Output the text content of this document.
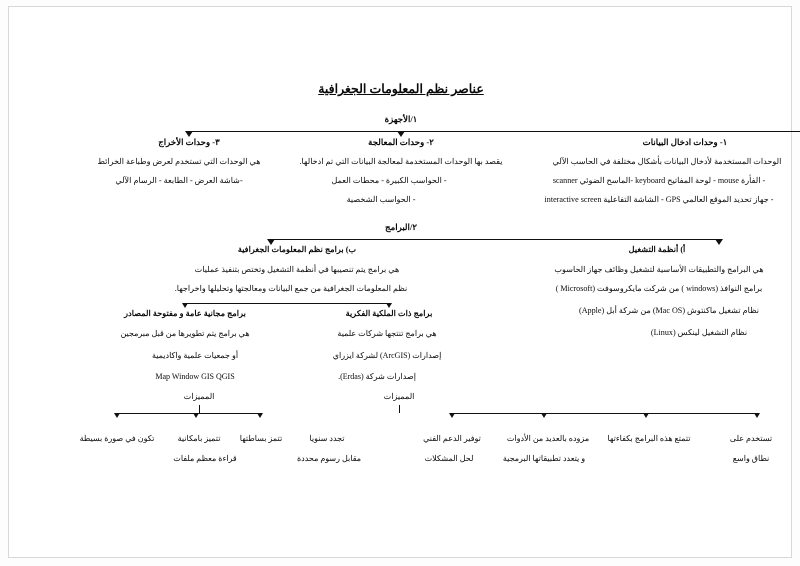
عناصر نظم المعلومات الجغرافية
١/الأجهزة
١- وحدات ادخال البيانات
الوحدات المستخدمة لأدخال البيانات بأشكال مختلفة في الحاسب الآلي
- الفأرة mouse - لوحة المفاتيح keyboard -الماسح الضوئي scanner
- جهاز تحديد الموقع العالمي GPS - الشاشة التفاعلية interactive screen
٢- وحدات المعالجة
يقصد بها الوحدات المستخدمة لمعالجة البيانات التي تم ادخالها.
- الحواسب الكبيرة - محطات العمل
- الحواسب الشخصية
٣- وحدات الأخراج
هي الوحدات التي تستخدم لعرض وطباعة الخرائط
-شاشة العرض - الطابعة - الرسام الآلي
٢/البرامج
أ) أنظمة التشغيل
هي البرامج والتطبيقات الأساسية لتشغيل وظائف جهاز الحاسوب
برامج النوافذ (windows ) من شركت مايكروسوفت (Microsoft )
نظام تشغيل ماكنتوش (Mac OS) من شركة أبل (Apple)
نظام التشغيل لينكس (Linux)
ب) برامج نظم المعلومات الجغرافية
هي برامج يتم تنصيبها في أنظمة التشغيل وتختص بتنفيذ عمليات
نظم المعلومات الجغرافية من جمع البيانات ومعالجتها وتحليلها واخراجها.
برامج ذات الملكية الفكرية
هي برامج تنتجها شركات علمية
إصدارات (ArcGIS) لشركة ايزراي
إصدارات شركة (Erdas).
برامج مجانية عامة و مفتوحة المصادر
هي برامج يتم تطويرها من قبل مبرمجين
أو جمعيات علمية واكاديمية
Map Window GIS QGIS
المميزات
تستخدم على
نطاق واسع
تتمتع هذه البرامج بكفاءتها
مزوده بالعديد من الأدوات
و يتعدد تطبيقاتها البرمجية
توفير الدعم الفني
لحل المشكلات
المميزات
تجدد سنويا
مقابل رسوم محددة
تتمز بساطتها
تتميز بامكانية
قراءة معظم ملفات
تكون في صورة بسيطة
